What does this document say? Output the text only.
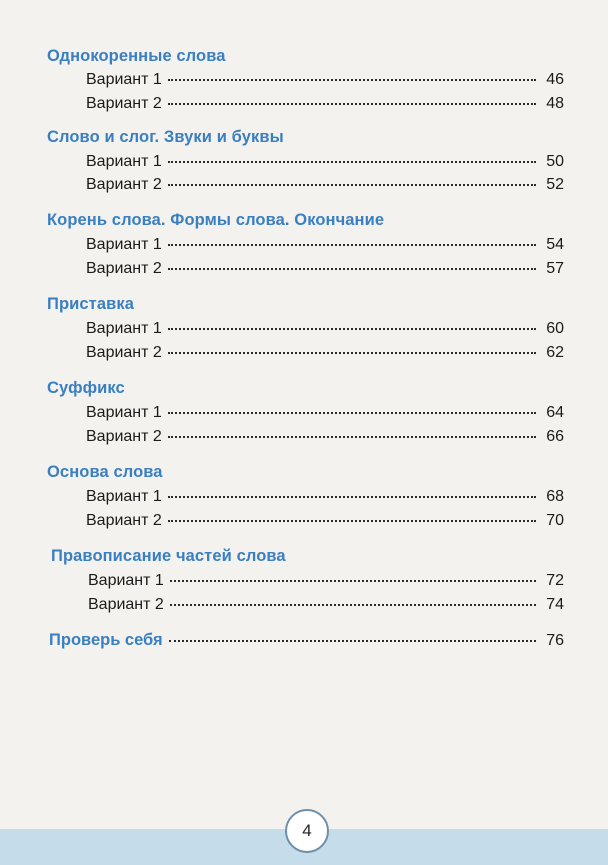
Однокоренные слова
Вариант 1	46
Вариант 2	48
Слово и слог. Звуки и буквы
Вариант 1	50
Вариант 2	52
Корень слова. Формы слова. Окончание
Вариант 1	54
Вариант 2	57
Приставка
Вариант 1	60
Вариант 2	62
Суффикс
Вариант 1	64
Вариант 2	66
Основа слова
Вариант 1	68
Вариант 2	70
Правописание частей слова
Вариант 1	72
Вариант 2	74
Проверь себя	76
4
